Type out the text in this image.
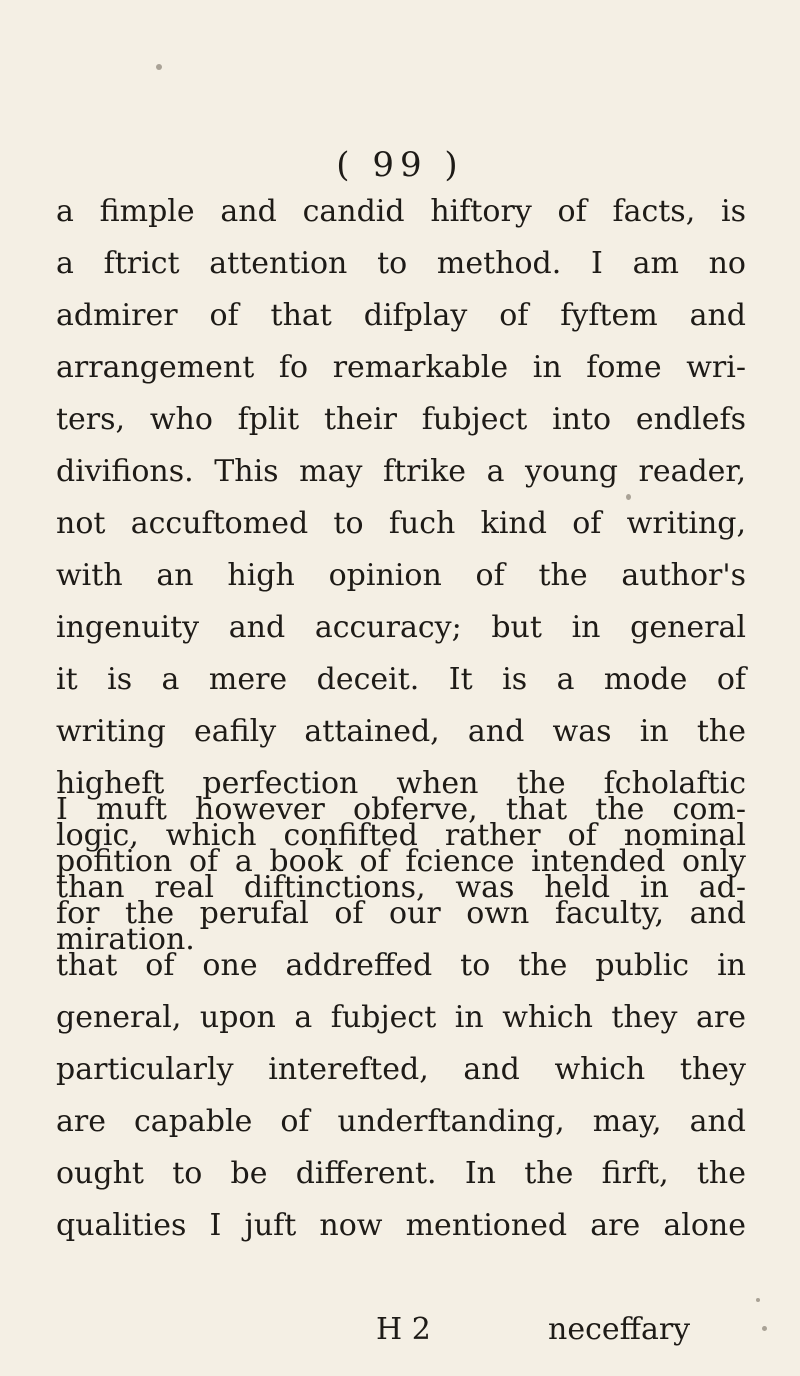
( 99 )
a fimple and candid hiftory of facts, is
a ftrict attention to method. I am no
admirer of that difplay of fyftem and
arrangement fo remarkable in fome wri-
ters, who fplit their fubject into endlefs
divifions. This may ftrike a young reader,
not accuftomed to fuch kind of writing,
with an high opinion of the author's
ingenuity and accuracy; but in general
it is a mere deceit. It is a mode of
writing eafily attained, and was in the
higheft perfection when the fcholaftic
logic, which confifted rather of nominal
than real diftinctions, was held in ad-
miration.
I muft however obferve, that the com-
pofition of a book of fcience intended only
for the perufal of our own faculty, and
that of one addreffed to the public in
general, upon a fubject in which they are
particularly interefted, and which they
are capable of underftanding, may, and
ought to be different. In the firft, the
qualities I juft now mentioned are alone
H 2	neceffary
